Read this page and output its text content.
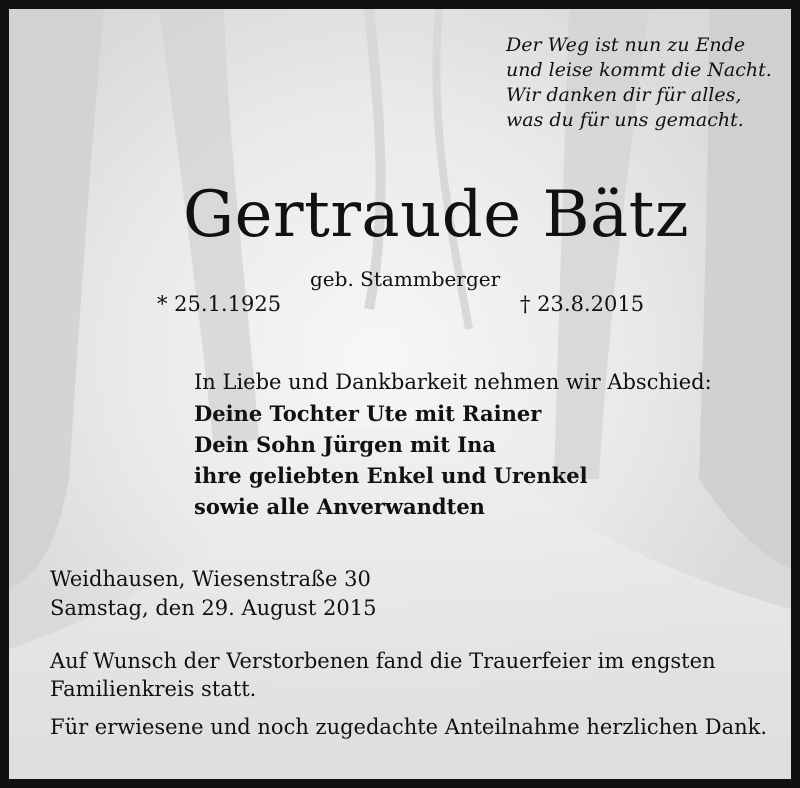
Der Weg ist nun zu Ende
und leise kommt die Nacht.
Wir danken dir für alles,
was du für uns gemacht.
Gertraude Bätz
geb. Stammberger
* 25.1.1925	† 23.8.2015
In Liebe und Dankbarkeit nehmen wir Abschied:
Deine Tochter Ute mit Rainer
Dein Sohn Jürgen mit Ina
ihre geliebten Enkel und Urenkel
sowie alle Anverwandten
Weidhausen, Wiesenstraße 30
Samstag, den 29. August 2015
Auf Wunsch der Verstorbenen fand die Trauerfeier im engsten
Familienkreis statt.
Für erwiesene und noch zugedachte Anteilnahme herzlichen Dank.
